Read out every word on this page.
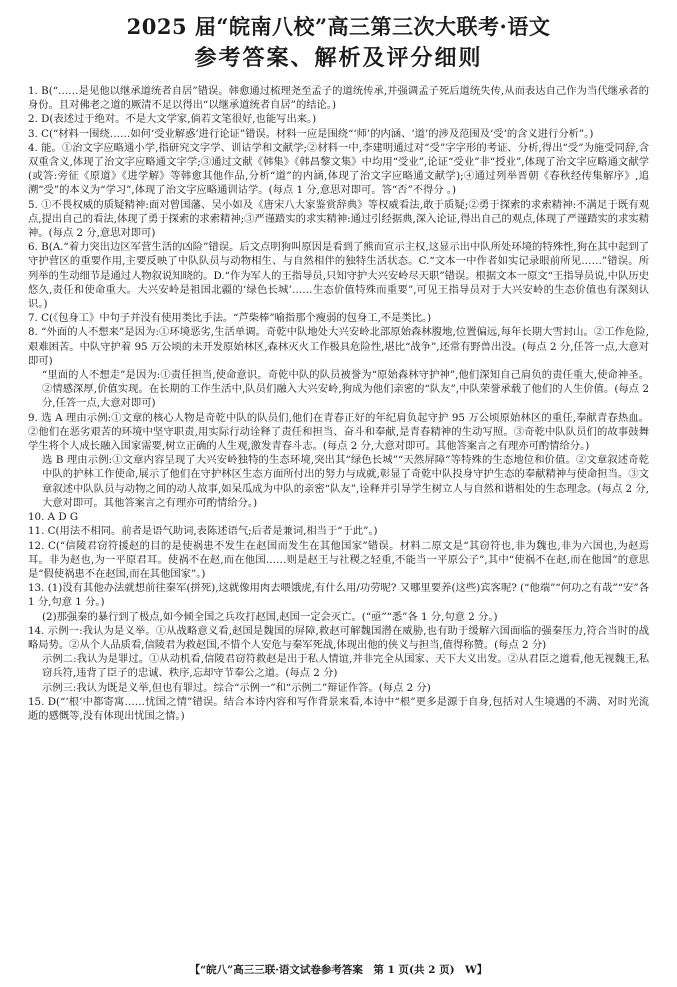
2025 届“皖南八校”高三第三次大联考·语文
参考答案、解析及评分细则

1. B(“……是见他以继承道统者自居”错误。韩愈通过梳理尧至孟子的道统传承,并强调孟子死后道统失传,从而表达自己作为当代继承者的身份。且对佛老之道的厥清不足以得出“以继承道统者自居”的结论。)

2. D(表述过于绝对。不是大文学家,倘若文笔很好,也能写出来。)

3. C(“材料一围绕……如何‘受业解惑’进行论证”错误。材料一应是围绕“‘师’的内涵、‘道’的涉及范围及‘受’的含义进行分析”。)

4. 能。①治文字应略通小学,指研究文字学、训诂学和文献学;②材料一中,李建明通过对“受”字字形的考证、分析,得出“受”为施受同辞,含双重含义,体现了治文字应略通文字学;③通过文献《韩集》《韩昌黎文集》中均用“受业”,论证“受业”非“授业”,体现了治文字应略通文献学(或答:旁征《原道》《进学解》等韩愈其他作品,分析“道”的内涵,体现了治文字应略通文献学);④通过列举晋朝《春秋经传集解序》,追溯“受”的本义为“学习”,体现了治文字应略通训诂学。(每点 1 分,意思对即可。答“否”不得分 。)

5. ①不畏权威的质疑精神:面对曾国藩、吴小如及《唐宋八大家鉴赏辞典》等权威看法,敢于质疑;②勇于探索的求索精神:不满足于既有观点,提出自己的看法,体现了勇于探索的求索精神;③严谨踏实的求实精神:通过引经据典,深入论证,得出自己的观点,体现了严谨踏实的求实精神。(每点 2 分,意思对即可)

6. B(A.“着力突出边区军营生活的凶险”错误。后文点明狗叫原因是看到了熊而宣示主权,这显示出中队所处环境的特殊性,狗在其中起到了守护营区的重要作用,主要反映了中队队员与动物相生、与自然相伴的独特生活状态。C.“文本一中作者如实记录眼前所见……”错误。所列举的生动细节是通过人物叙说知晓的。D.“作为军人的王指导员,只知守护大兴安岭尽天职”错误。根据文本一原文“王指导员说,中队历史悠久,责任和使命重大。大兴安岭是祖国北疆的‘绿色长城’……生态价值特殊而重要”,可见王指导员对于大兴安岭的生态价值也有深刻认识。)

7. C(《包身工》中句子并没有使用类比手法。“芦柴棒”喻指那个瘦弱的包身工,不是类比。)

8. “外面的人不想来”是因为:①环境恶劣,生活单调。奇乾中队地处大兴安岭北部原始森林腹地,位置偏远,每年长期大雪封山。②工作危险,艰难困苦。中队守护着 95 万公顷的未开发原始林区,森林灭火工作极具危险性,堪比“战争”,还常有野兽出没。(每点 2 分,任答一点,大意对即可)

“里面的人不想走”是因为:①责任担当,使命意识。奇乾中队的队员被誉为“原始森林守护神”,他们深知自己肩负的责任重大,使命神圣。②情感深厚,价值实现。在长期的工作生活中,队员们融入大兴安岭,狗成为他们亲密的“队友”,中队荣誉承载了他们的人生价值。(每点 2 分,任答一点,大意对即可)

9. 选 A 理由示例:①文章的核心人物是奇乾中队的队员们,他们在青春正好的年纪肩负起守护 95 万公顷原始林区的重任,奉献青春热血。②他们在恶劣艰苦的环境中坚守职责,用实际行动诠释了责任和担当、奋斗和奉献,是青春精神的生动写照。③奇乾中队队员们的故事鼓舞学生将个人成长融入国家需要,树立正确的人生观,激发青春斗志。(每点 2 分,大意对即可。其他答案言之有理亦可酌情给分。)

选 B 理由示例:①文章内容呈现了大兴安岭独特的生态环境,突出其“绿色长城”“天然屏障”等特殊的生态地位和价值。②文章叙述奇乾中队的护林工作使命,展示了他们在守护林区生态方面所付出的努力与成就,彰显了奇乾中队投身守护生态的奉献精神与使命担当。③文章叙述中队队员与动物之间的动人故事,如呆瓜成为中队的亲密“队友”,诠释并引导学生树立人与自然和谐相处的生态理念。(每点 2 分,大意对即可。其他答案言之有理亦可酌情给分。)

10. A D G

11. C(用法不相同。前者是语气助词,表陈述语气;后者是兼词,相当于“于此”。)

12. C(“信陵君窃符援赵的目的是使祸患不发生在赵国而发生在其他国家”错误。材料二原文是“其窃符也,非为魏也,非为六国也,为赵焉耳。非为赵也,为一平原君耳。使祸不在赵,而在他国……则是赵王与社稷之轻重,不能当一平原公子”,其中“使祸不在赵,而在他国”的意思是“假使祸患不在赵国,而在其他国家”。)

13. (1)没有其他办法就想前往秦军(拼死),这就像用肉去喂饿虎,有什么用/功劳呢? 又哪里要养(这些)宾客呢? (“他端”“何功之有哉”“安”各 1 分,句意 1 分。)

(2)那强秦的暴行到了极点,如今倾全国之兵攻打赵国,赵国一定会灭亡。(“亟”“悉”各 1 分,句意 2 分。)

14. 示例一:我认为是义举。①从战略意义看,赵国是魏国的屏障,救赵可解魏国潜在威胁,也有助于缓解六国面临的强秦压力,符合当时的战略局势。②从个人品质看,信陵君为救赵国,不惜个人安危与秦军死战,体现出他的侠义与担当,值得称赞。(每点 2 分)

示例二:我认为是罪过。①从动机看,信陵君窃符救赵是出于私人情谊,并非完全从国家、天下大义出发。②从君臣之道看,他无视魏王,私窃兵符,违背了臣子的忠诚、秩序,忘却守节奉公之道。(每点 2 分)

示例三:我认为既是义举,但也有罪过。综合“示例一”和“示例二”辩证作答。(每点 2 分)

15. D(“‘根’中都寄寓……忧国之情”错误。结合本诗内容和写作背景来看,本诗中“根”更多是源于自身,包括对人生境遇的不满、对时光流逝的感慨等,没有体现出忧国之情。)

【“皖八”高三三联·语文试卷参考答案　第 1 页(共 2 页)　W】
